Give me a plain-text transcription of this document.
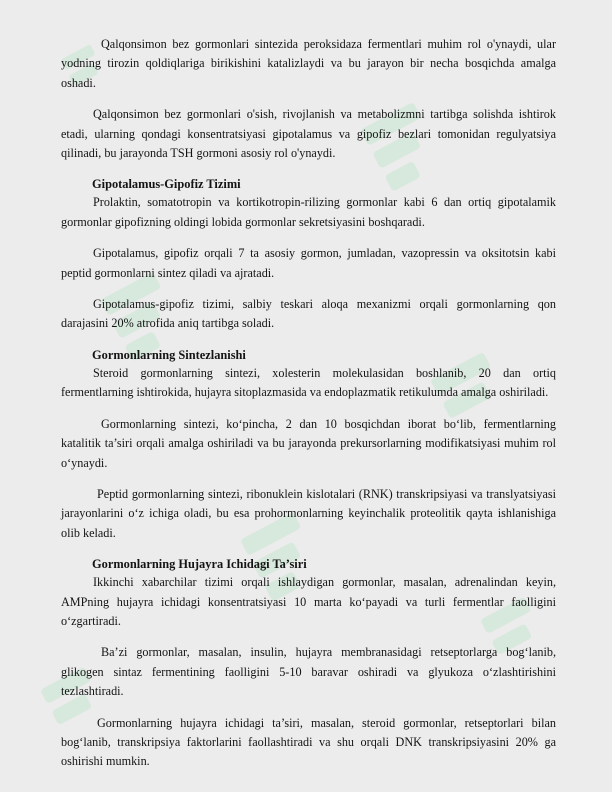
Qalqonsimon bez gormonlari sintezida peroksidaza fermentlari muhim rol o'ynaydi, ular yodning tirozin qoldiqlariga birikishini katalizlaydi va bu jarayon bir necha bosqichda amalga oshadi.

Qalqonsimon bez gormonlari o'sish, rivojlanish va metabolizmni tartibga solishda ishtirok etadi, ularning qondagi konsentratsiyasi gipotalamus va gipofiz bezlari tomonidan regulyatsiya qilinadi, bu jarayonda TSH gormoni asosiy rol o'ynaydi.

Gipotalamus-Gipofiz Tizimi

Prolaktin, somatotropin va kortikotropin-rilizing gormonlar kabi 6 dan ortiq gipotalamik gormonlar gipofizning oldingi lobida gormonlar sekretsiyasini boshqaradi.

Gipotalamus, gipofiz orqali 7 ta asosiy gormon, jumladan, vazopressin va oksitotsin kabi peptid gormonlarni sintez qiladi va ajratadi.

Gipotalamus-gipofiz tizimi, salbiy teskari aloqa mexanizmi orqali gormonlarning qon darajasini 20% atrofida aniq tartibga soladi.

Gormonlarning Sintezlanishi

Steroid gormonlarning sintezi, xolesterin molekulasidan boshlanib, 20 dan ortiq fermentlarning ishtirokida, hujayra sitoplazmasida va endoplazmatik retikulumda amalga oshiriladi.

Gormonlarning sintezi, ko‘pincha, 2 dan 10 bosqichdan iborat bo‘lib, fermentlarning katalitik ta’siri orqali amalga oshiriladi va bu jarayonda prekursorlarning modifikatsiyasi muhim rol o‘ynaydi.

Peptid gormonlarning sintezi, ribonuklein kislotalari (RNK) transkripsiyasi va translyatsiyasi jarayonlarini o‘z ichiga oladi, bu esa prohormonlarning keyinchalik proteolitik qayta ishlanishiga olib keladi.

Gormonlarning Hujayra Ichidagi Ta’siri

Ikkinchi xabarchilar tizimi orqali ishlaydigan gormonlar, masalan, adrenalindan keyin, AMPning hujayra ichidagi konsentratsiyasi 10 marta ko‘payadi va turli fermentlar faolligini o‘zgartiradi.

Ba’zi gormonlar, masalan, insulin, hujayra membranasidagi retseptorlarga bog‘lanib, glikogen sintaz fermentining faolligini 5-10 baravar oshiradi va glyukoza o‘zlashtirishini tezlashtiradi.

Gormonlarning hujayra ichidagi ta’siri, masalan, steroid gormonlar, retseptorlari bilan bog‘lanib, transkripsiya faktorlarini faollashtiradi va shu orqali DNK transkripsiyasini 20% ga oshirishi mumkin.
